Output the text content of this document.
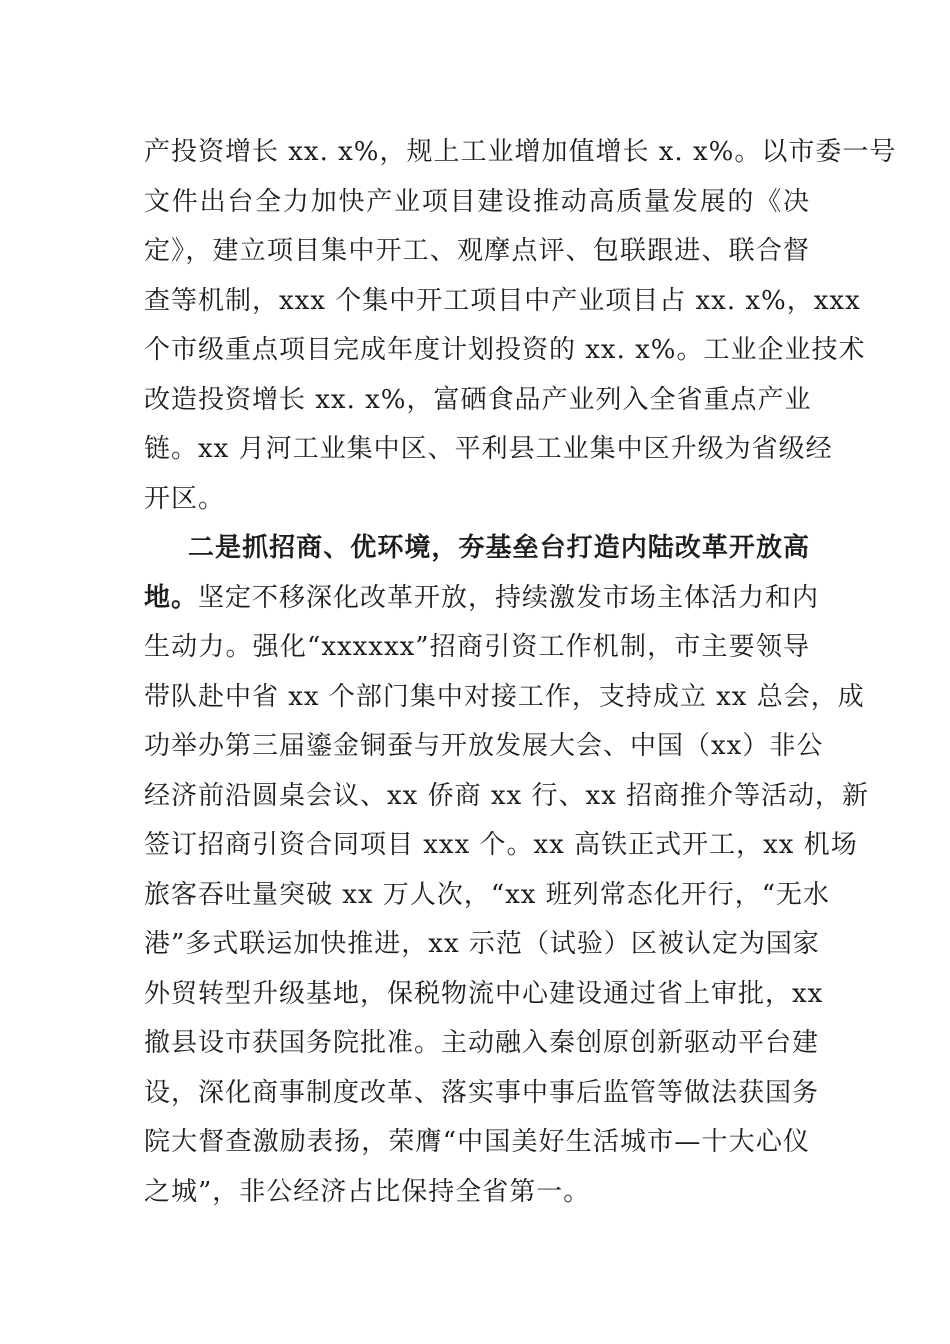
产投资增长 xx. x%，规上工业增加值增长 x. x%。以市委一号
文件出台全力加快产业项目建设推动高质量发展的《决
定》，建立项目集中开工、观摩点评、包联跟进、联合督
查等机制，xxx 个集中开工项目中产业项目占 xx. x%，xxx
个市级重点项目完成年度计划投资的 xx. x%。工业企业技术
改造投资增长 xx. x%，富硒食品产业列入全省重点产业
链。xx 月河工业集中区、平利县工业集中区升级为省级经
开区。
二是抓招商、优环境，夯基垒台打造内陆改革开放高
地。坚定不移深化改革开放，持续激发市场主体活力和内
生动力。强化“xxxxxx”招商引资工作机制，市主要领导
带队赴中省 xx 个部门集中对接工作，支持成立 xx 总会，成
功举办第三届鎏金铜蚕与开放发展大会、中国（xx）非公
经济前沿圆桌会议、xx 侨商 xx 行、xx 招商推介等活动，新
签订招商引资合同项目 xxx 个。xx 高铁正式开工，xx 机场
旅客吞吐量突破 xx 万人次，“xx 班列常态化开行，“无水
港”多式联运加快推进，xx 示范（试验）区被认定为国家
外贸转型升级基地，保税物流中心建设通过省上审批，xx
撤县设市获国务院批准。主动融入秦创原创新驱动平台建
设，深化商事制度改革、落实事中事后监管等做法获国务
院大督查激励表扬，荣膺“中国美好生活城市—十大心仪
之城”，非公经济占比保持全省第一。
